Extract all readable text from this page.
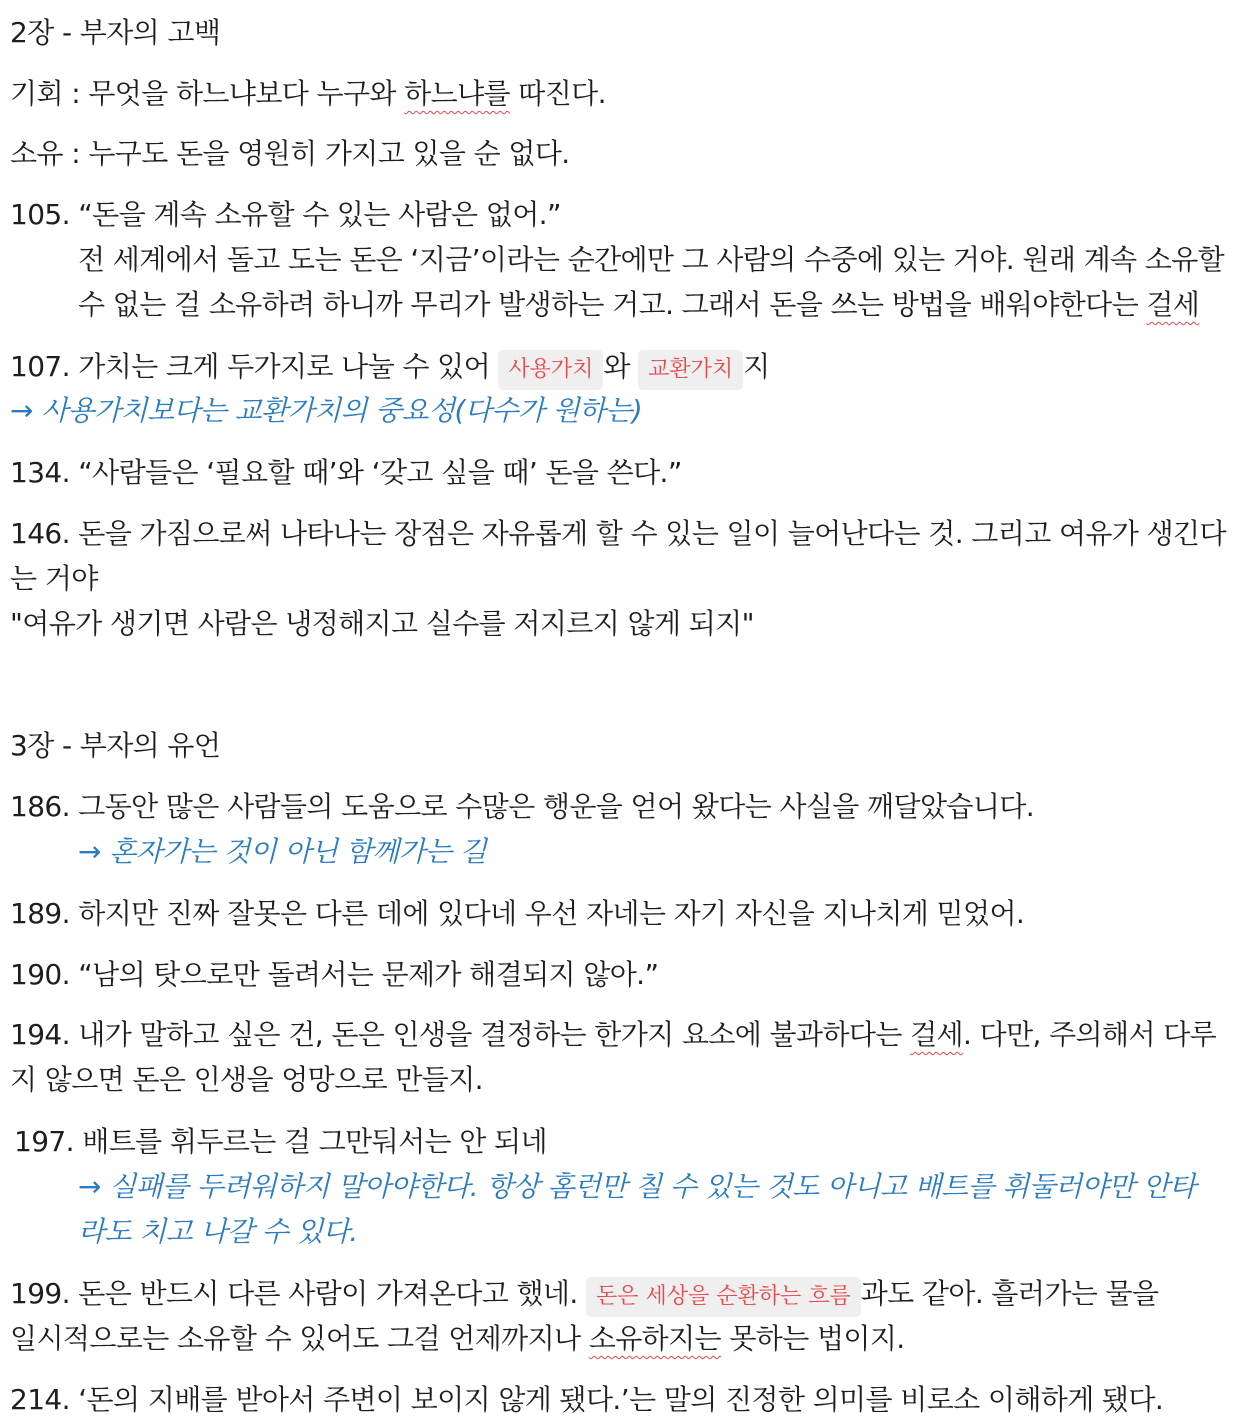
2장 - 부자의 고백
기회 : 무엇을 하느냐보다 누구와 하느냐를 따진다.
소유 : 누구도 돈을 영원히 가지고 있을 순 없다.
105. “돈을 계속 소유할 수 있는 사람은 없어.”
전 세계에서 돌고 도는 돈은 ‘지금’이라는 순간에만 그 사람의 수중에 있는 거야. 원래 계속 소유할
수 없는 걸 소유하려 하니까 무리가 발생하는 거고. 그래서 돈을 쓰는 방법을 배워야한다는 걸세
107. 가치는 크게 두가지로 나눌 수 있어 사용가치 와 교환가치 지
→ 사용가치보다는 교환가치의 중요성(다수가 원하는)
134. “사람들은 ‘필요할 때’와 ‘갖고 싶을 때’ 돈을 쓴다.”
146. 돈을 가짐으로써 나타나는 장점은 자유롭게 할 수 있는 일이 늘어난다는 것. 그리고 여유가 생긴다
는 거야
"여유가 생기면 사람은 냉정해지고 실수를 저지르지 않게 되지"
3장 - 부자의 유언
186. 그동안 많은 사람들의 도움으로 수많은 행운을 얻어 왔다는 사실을 깨달았습니다.
→ 혼자가는 것이 아닌 함께가는 길
189. 하지만 진짜 잘못은 다른 데에 있다네 우선 자네는 자기 자신을 지나치게 믿었어.
190. “남의 탓으로만 돌려서는 문제가 해결되지 않아.”
194. 내가 말하고 싶은 건, 돈은 인생을 결정하는 한가지 요소에 불과하다는 걸세. 다만, 주의해서 다루
지 않으면 돈은 인생을 엉망으로 만들지.
197. 배트를 휘두르는 걸 그만둬서는 안 되네
→ 실패를 두려워하지 말아야한다. 항상 홈런만 칠 수 있는 것도 아니고 배트를 휘둘러야만 안타
라도 치고 나갈 수 있다.
199. 돈은 반드시 다른 사람이 가져온다고 했네. 돈은 세상을 순환하는 흐름 과도 같아. 흘러가는 물을
일시적으로는 소유할 수 있어도 그걸 언제까지나 소유하지는 못하는 법이지.
214. ‘돈의 지배를 받아서 주변이 보이지 않게 됐다.’는 말의 진정한 의미를 비로소 이해하게 됐다.
